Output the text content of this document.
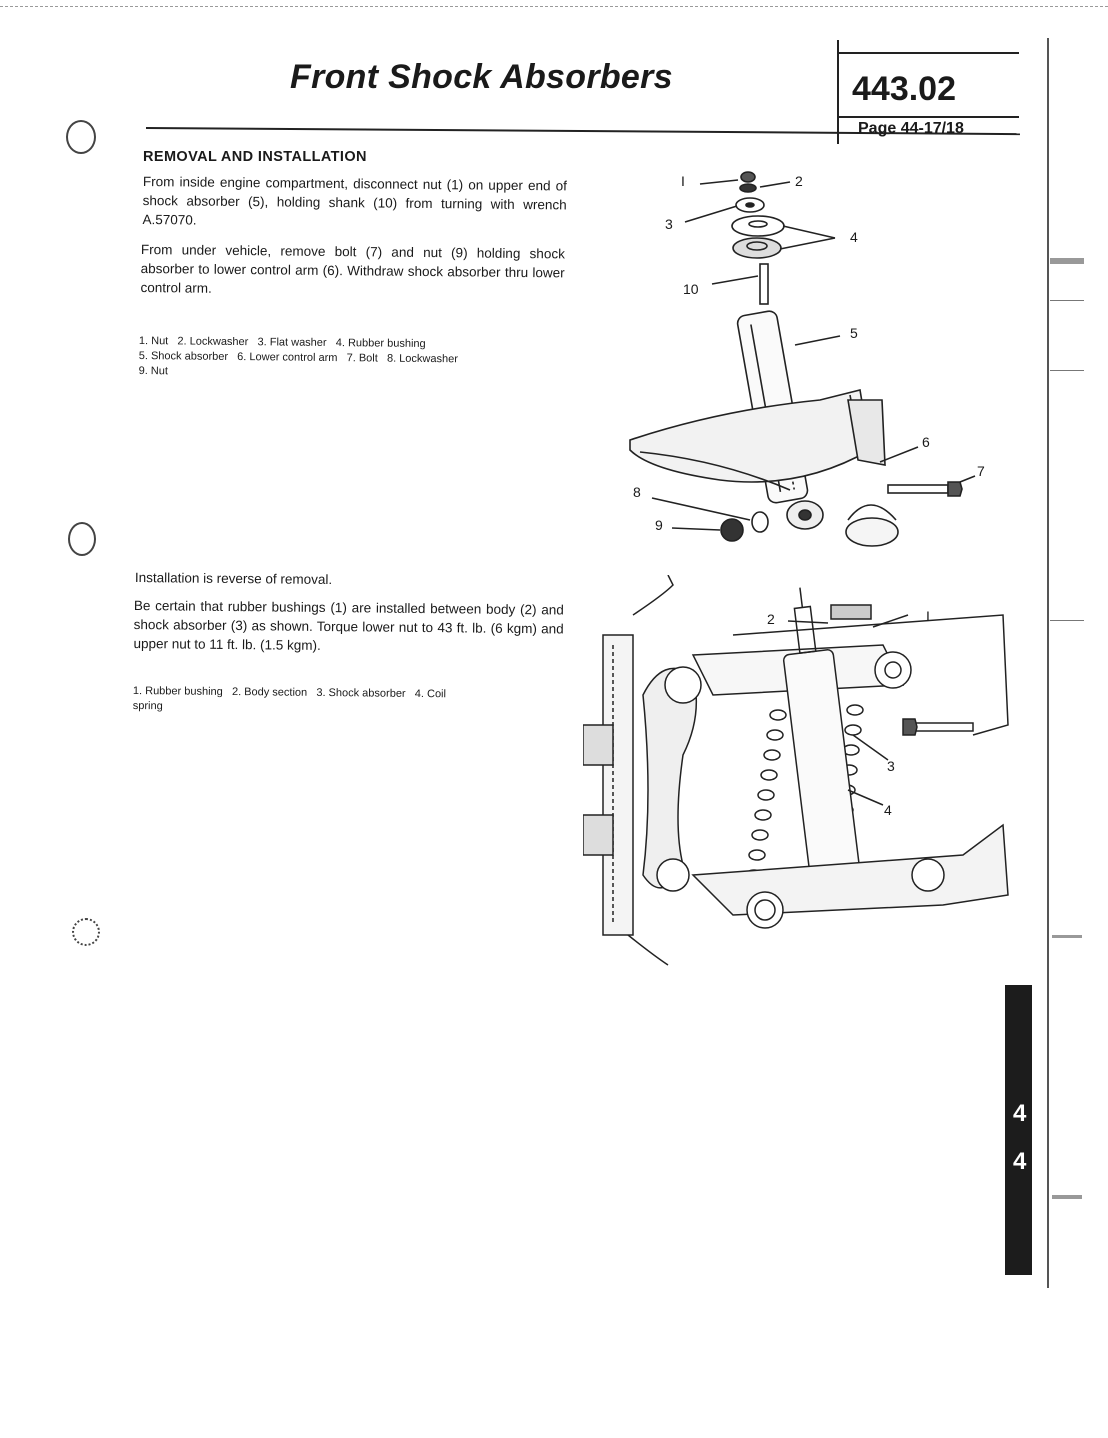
Front Shock Absorbers	443.02
Page 44-17/18
REMOVAL AND INSTALLATION
From inside engine compartment, disconnect nut (1) on upper end of shock absorber (5), holding shank (10) from turning with wrench A.57070.
From under vehicle, remove bolt (7) and nut (9) holding shock absorber to lower control arm (6). Withdraw shock absorber thru lower control arm.
1. Nut   2. Lockwasher   3. Flat washer   4. Rubber bushing
5. Shock absorber   6. Lower control arm   7. Bolt   8. Lockwasher
9. Nut
Installation is reverse of removal.
Be certain that rubber bushings (1) are installed between body (2) and shock absorber (3) as shown. Torque lower nut to 43 ft. lb. (6 kgm) and upper nut to 11 ft. lb. (1.5 kgm).
1. Rubber bushing   2. Body section   3. Shock absorber   4. Coil
spring
I	2
3
4
10
5
6
7
8
9
2	I
3
4
4
4
